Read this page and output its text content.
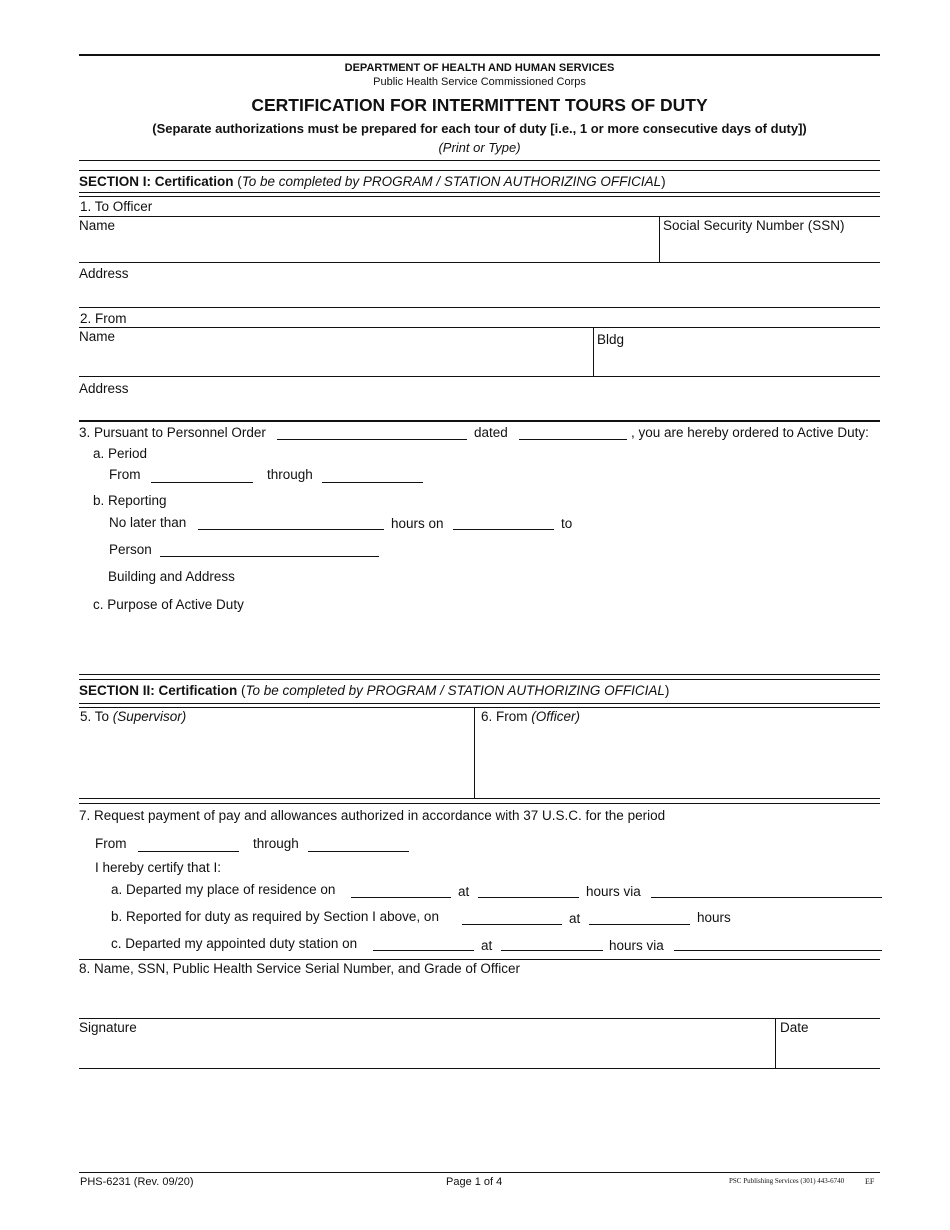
DEPARTMENT OF HEALTH AND HUMAN SERVICES
Public Health Service Commissioned Corps
CERTIFICATION FOR INTERMITTENT TOURS OF DUTY
(Separate authorizations must be prepared for each tour of duty [i.e., 1 or more consecutive days of duty])
(Print or Type)
SECTION I: Certification (To be completed by PROGRAM / STATION AUTHORIZING OFFICIAL)
1. To Officer
Name	Social Security Number (SSN)
Address
2. From
Name	Bldg
Address
3. Pursuant to Personnel Order	dated	, you are hereby ordered to Active Duty:
a. Period
From	through
b. Reporting
No later than	hours on	to
Person
Building and Address
c. Purpose of Active Duty
SECTION II: Certification (To be completed by PROGRAM / STATION AUTHORIZING OFFICIAL)
5. To (Supervisor)	6. From (Officer)
7. Request payment of pay and allowances authorized in accordance with 37 U.S.C. for the period
From	through
I hereby certify that I:
a. Departed my place of residence on	at	hours via
b. Reported for duty as required by Section I above, on	at	hours
c. Departed my appointed duty station on	at	hours via
8. Name, SSN, Public Health Service Serial Number, and Grade of Officer
Signature	Date
PHS-6231 (Rev. 09/20)	Page 1 of 4	PSC Publishing Services (301) 443-6740	EF
